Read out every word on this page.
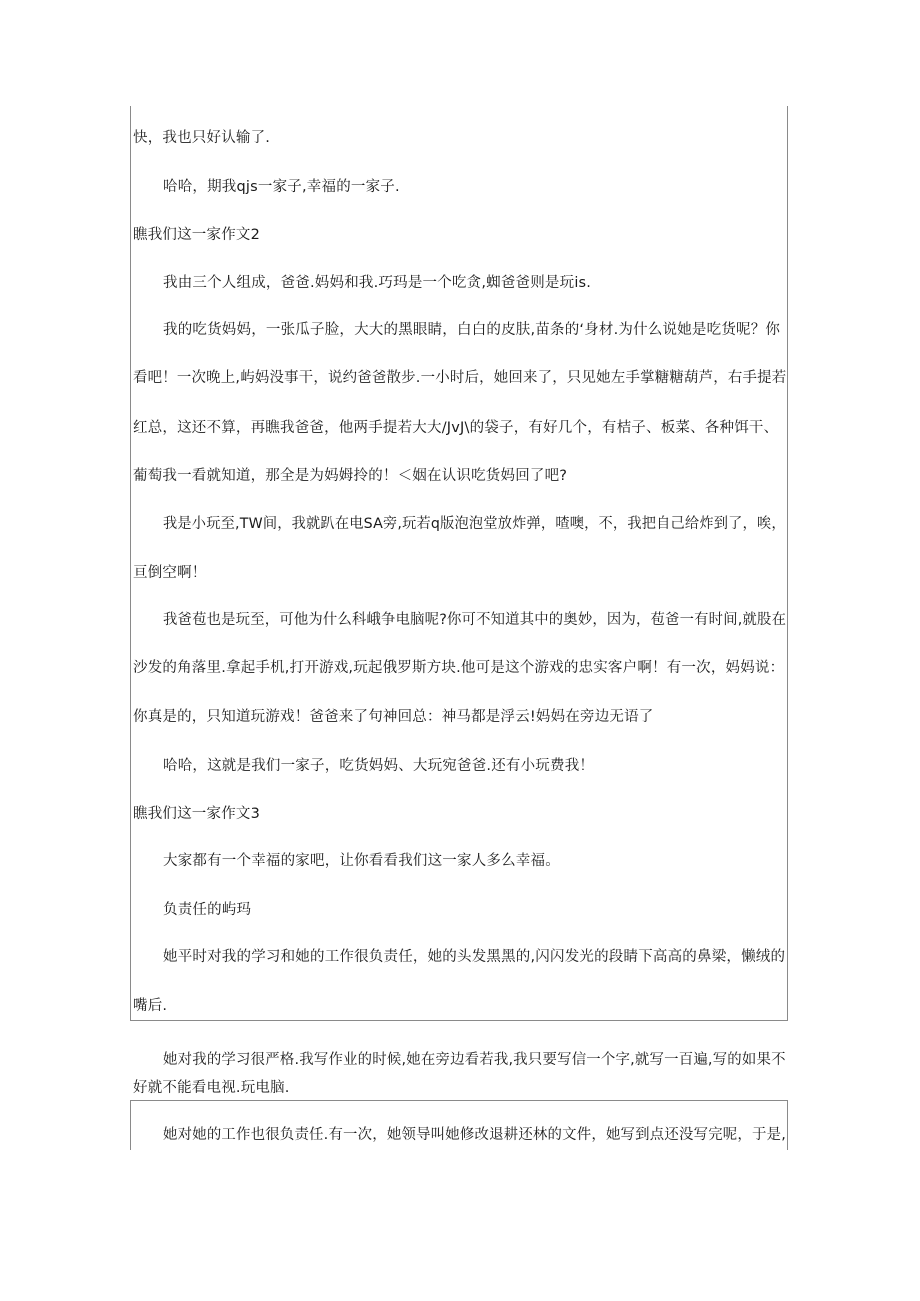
快，我也只好认输了.
哈哈，期我qjs一家子,幸福的一家子.
瞧我们这一家作文2
我由三个人组成，爸爸.妈妈和我.巧玛是一个吃贪,蜘爸爸则是玩is.
我的吃货妈妈，一张瓜子脸，大大的黑眼睛，白白的皮肤,苗条的‘身材.为什么说她是吃货呢？你
看吧！一次晚上,屿妈没事干，说约爸爸散步.一小时后，她回来了，只见她左手掌糖糖葫芦，右手提若
红总，这还不算，再瞧我爸爸，他两手提若大大/JvJ\的袋子，有好几个，有桔子、板菜、各种饵干、
葡萄我一看就知道，那全是为妈姆拎的！＜姻在认识吃货妈回了吧?
我是小玩至,TW间，我就趴在电SA旁,玩若q版泡泡堂放炸弹，喳噢，不，我把自己给炸到了，唉，
亘倒空啊！
我爸苞也是玩至，可他为什么科峨争电脑呢?你可不知道其中的奥妙，因为，苞爸一有时间,就股在
沙发的角落里.拿起手机,打开游戏,玩起俄罗斯方块.他可是这个游戏的忠实客户啊！有一次，妈妈说：
你真是的，只知道玩游戏！爸爸来了句神回总：神马都是浮云!妈妈在旁边无语了
哈哈，这就是我们一家子，吃货妈妈、大玩宛爸爸.还有小玩费我！
瞧我们这一家作文3
大家都有一个幸福的家吧，让你看看我们这一家人多么幸福。
负责任的屿玛
她平时对我的学习和她的工作很负责任，她的头发黑黑的,闪闪发光的段睛下高高的鼻梁，懒绒的
嘴后.
她对我的学习很严格.我写作业的时候,她在旁边看若我,我只要写信一个字,就写一百遍,写的如果不
好就不能看电视.玩电脑.
她对她的工作也很负责任.有一次，她领导叫她修改退耕还林的文件，她写到点还没写完呢，于是,
